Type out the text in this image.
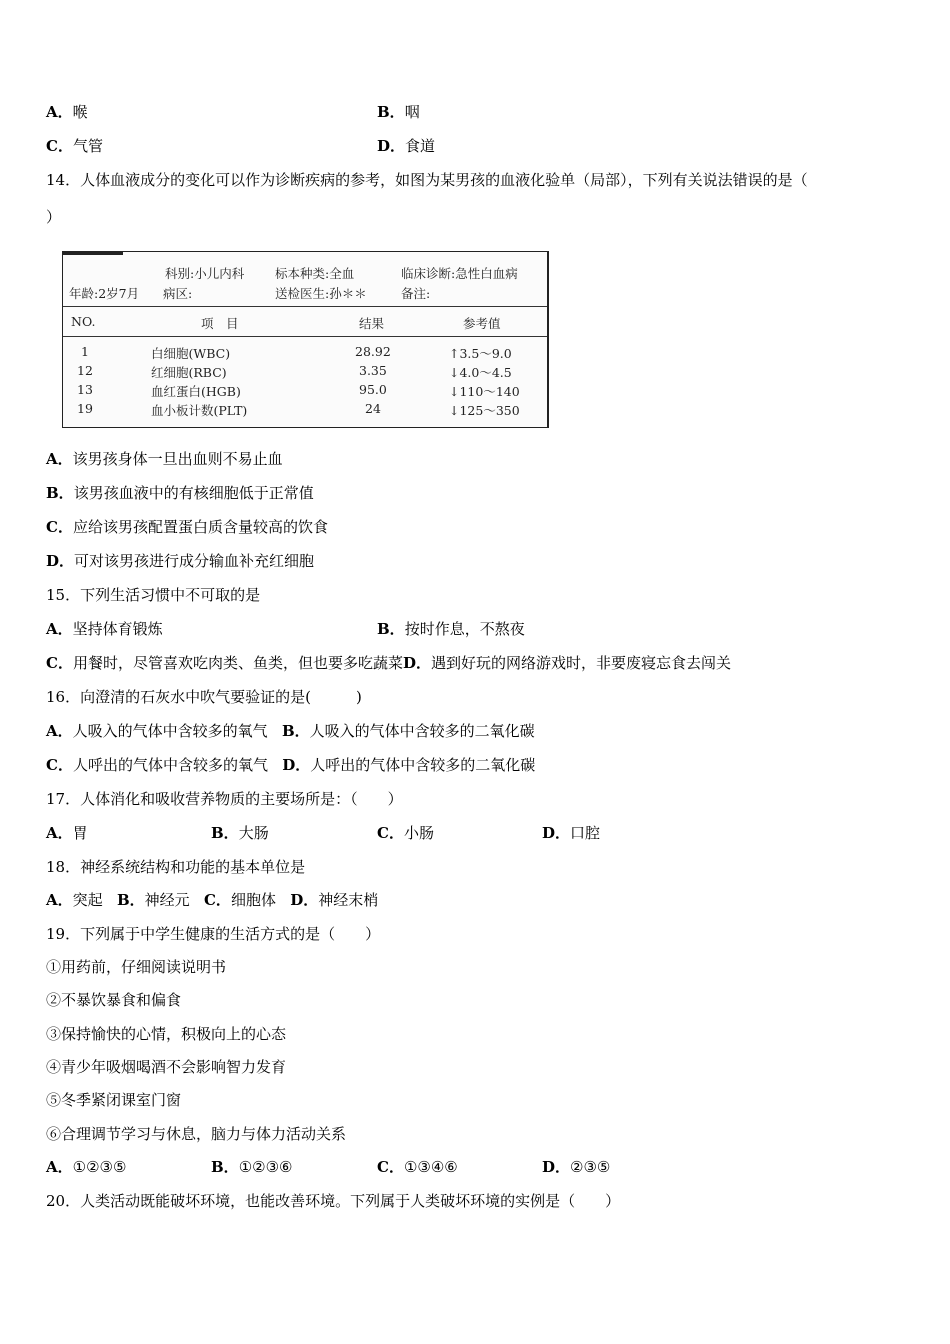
A．喉	B．咽
C．气管	D．食道
14．人体血液成分的变化可以作为诊断疾病的参考，如图为某男孩的血液化验单（局部），下列有关说法错误的是（
）
科别:小儿内科 标本种类:全血	临床诊断:急性白血病
年龄:2岁7月 病区:	送检医生:孙＊＊	备注:
NO.	项　目	结果	参考值
1	白细胞(WBC)	28.92	↑3.5～9.0
12	红细胞(RBC)	3.35	↓4.0～4.5
13	血红蛋白(HGB)	95.0	↓110～140
19	血小板计数(PLT)	24	↓125～350
A．该男孩身体一旦出血则不易止血
B．该男孩血液中的有核细胞低于正常值
C．应给该男孩配置蛋白质含量较高的饮食
D．可对该男孩进行成分输血补充红细胞
15．下列生活习惯中不可取的是
A．坚持体育锻炼	B．按时作息，不熬夜
C．用餐时，尽管喜欢吃肉类、鱼类，但也要多吃蔬菜D．遇到好玩的网络游戏时，非要废寝忘食去闯关
16．向澄清的石灰水中吹气要验证的是(　　　)
A．人吸入的气体中含较多的氧气 B．人吸入的气体中含较多的二氧化碳
C．人呼出的气体中含较多的氧气 D．人呼出的气体中含较多的二氧化碳
17．人体消化和吸收营养物质的主要场所是：（　　）
A．胃	B．大肠	C．小肠	D．口腔
18．神经系统结构和功能的基本单位是
A．突起 B．神经元 C．细胞体 D．神经末梢
19．下列属于中学生健康的生活方式的是（　　）
①用药前，仔细阅读说明书
②不暴饮暴食和偏食
③保持愉快的心情，积极向上的心态
④青少年吸烟喝酒不会影响智力发育
⑤冬季紧闭课室门窗
⑥合理调节学习与休息，脑力与体力活动关系
A．①②③⑤	B．①②③⑥	C．①③④⑥	D．②③⑤
20．人类活动既能破坏环境，也能改善环境。下列属于人类破坏环境的实例是（　　）
